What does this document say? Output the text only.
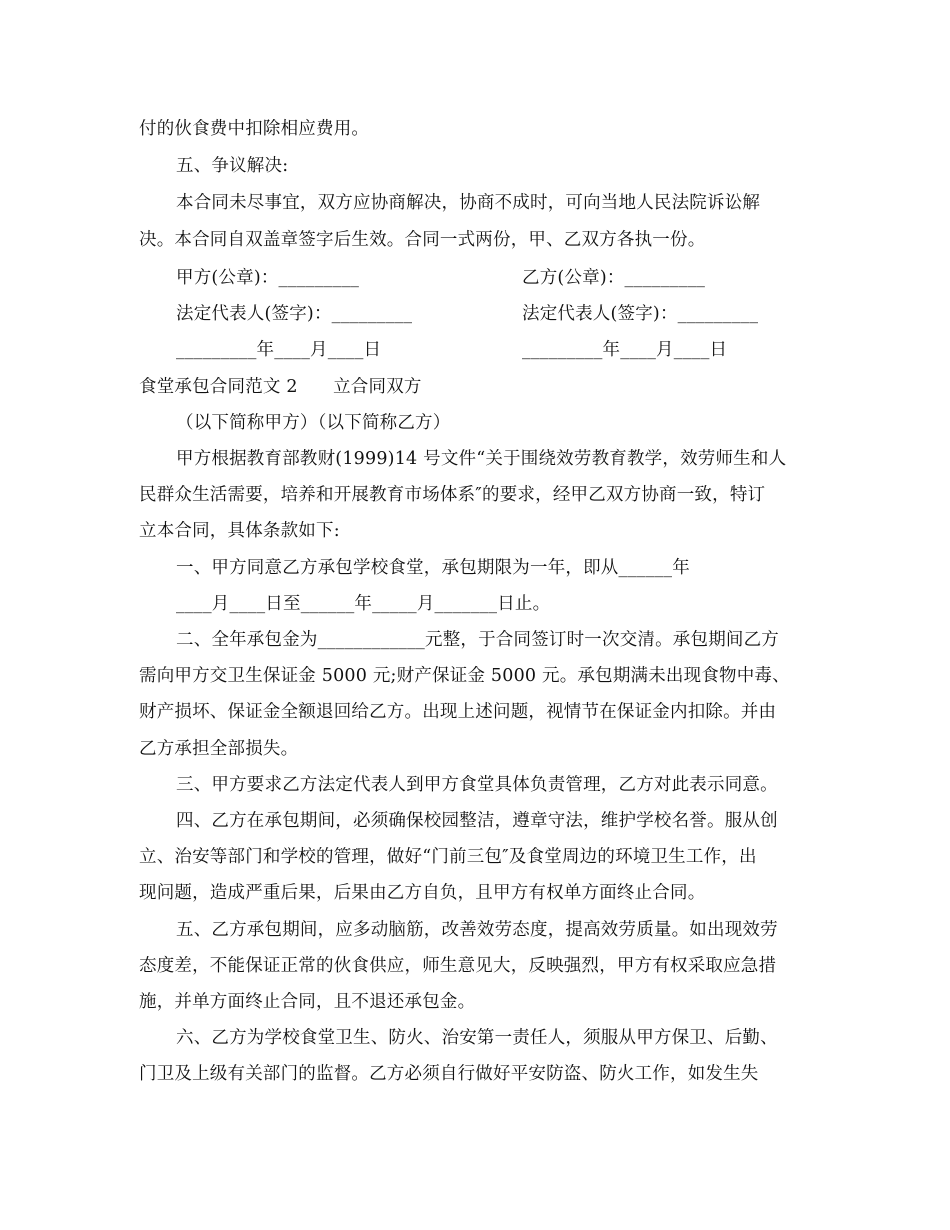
付的伙食费中扣除相应费用。
五、争议解决:
本合同未尽事宜，双方应协商解决，协商不成时，可向当地人民法院诉讼解
决。本合同自双盖章签字后生效。合同一式两份，甲、乙双方各执一份。
甲方(公章)：_________	乙方(公章)：_________
法定代表人(签字)：_________	法定代表人(签字)：_________
_________年____月____日	_________年____月____日
食堂承包合同范文 2　　立合同双方
（以下简称甲方）（以下简称乙方）
甲方根据教育部教财(1999)14 号文件“关于围绕效劳教育教学，效劳师生和人
民群众生活需要，培养和开展教育市场体系″的要求，经甲乙双方协商一致，特订
立本合同，具体条款如下:
一、甲方同意乙方承包学校食堂，承包期限为一年，即从______年
____月____日至______年_____月_______日止。
二、全年承包金为____________元整，于合同签订时一次交清。承包期间乙方
需向甲方交卫生保证金 5000 元;财产保证金 5000 元。承包期满未出现食物中毒、
财产损坏、保证金全额退回给乙方。出现上述问题，视情节在保证金内扣除。并由
乙方承担全部损失。
三、甲方要求乙方法定代表人到甲方食堂具体负责管理，乙方对此表示同意。
四、乙方在承包期间，必须确保校园整洁，遵章守法，维护学校名誉。服从创
立、治安等部门和学校的管理，做好“门前三包″及食堂周边的环境卫生工作，出
现问题，造成严重后果，后果由乙方自负，且甲方有权单方面终止合同。
五、乙方承包期间，应多动脑筋，改善效劳态度，提高效劳质量。如出现效劳
态度差，不能保证正常的伙食供应，师生意见大，反映强烈，甲方有权采取应急措
施，并单方面终止合同，且不退还承包金。
六、乙方为学校食堂卫生、防火、治安第一责任人，须服从甲方保卫、后勤、
门卫及上级有关部门的监督。乙方必须自行做好平安防盗、防火工作，如发生失
